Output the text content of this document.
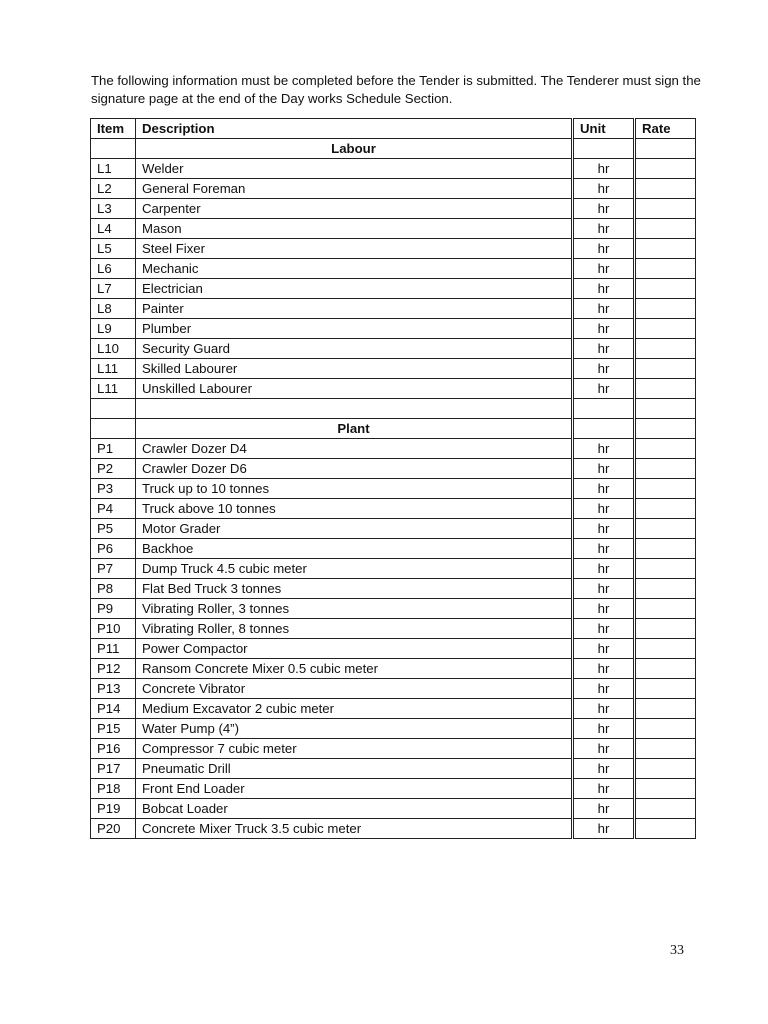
The following information must be completed before the Tender is submitted. The Tenderer must sign the signature page at the end of the Day works Schedule Section.

Item	Description	Unit	Rate
	Labour		
L1	Welder	hr	
L2	General Foreman	hr	
L3	Carpenter	hr	
L4	Mason	hr	
L5	Steel Fixer	hr	
L6	Mechanic	hr	
L7	Electrician	hr	
L8	Painter	hr	
L9	Plumber	hr	
L10	Security Guard	hr	
L11	Skilled Labourer	hr	
L11	Unskilled Labourer	hr	

	Plant		
P1	Crawler Dozer D4	hr	
P2	Crawler Dozer D6	hr	
P3	Truck up to 10 tonnes	hr	
P4	Truck above 10 tonnes	hr	
P5	Motor Grader	hr	
P6	Backhoe	hr	
P7	Dump Truck 4.5 cubic meter	hr	
P8	Flat Bed Truck 3 tonnes	hr	
P9	Vibrating Roller, 3 tonnes	hr	
P10	Vibrating Roller, 8 tonnes	hr	
P11	Power Compactor	hr	
P12	Ransom Concrete Mixer 0.5 cubic meter	hr	
P13	Concrete Vibrator	hr	
P14	Medium Excavator 2 cubic meter	hr	
P15	Water Pump (4”)	hr	
P16	Compressor 7 cubic meter	hr	
P17	Pneumatic Drill	hr	
P18	Front End Loader	hr	
P19	Bobcat Loader	hr	
P20	Concrete Mixer Truck 3.5 cubic meter	hr	
33
